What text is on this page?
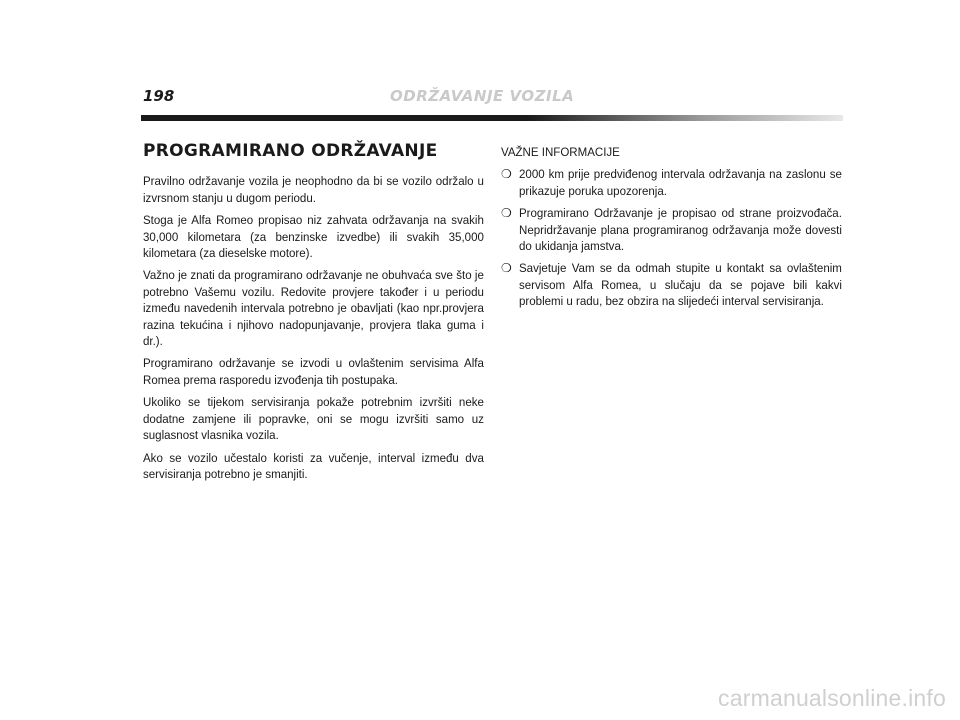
198	ODRŽAVANJE VOZILA
PROGRAMIRANO ODRŽAVANJE

Pravilno održavanje vozila je neophodno da bi se vozilo održalo u izvrsnom stanju u dugom periodu.

Stoga je Alfa Romeo propisao niz zahvata održavanja na svakih 30,000 kilometara (za benzinske izvedbe) ili svakih 35,000 kilometara (za dieselske motore).

Važno je znati da programirano održavanje ne obuhvaća sve što je potrebno Vašemu vozilu. Redovite provjere također i u periodu između navedenih intervala potrebno je obavljati (kao npr.provjera razina tekućina i njihovo nadopunjavanje, provjera tlaka guma i dr.).

Programirano održavanje se izvodi u ovlaštenim servisima Alfa Romea prema rasporedu izvođenja tih postupaka.

Ukoliko se tijekom servisiranja pokaže potrebnim izvršiti neke dodatne zamjene ili popravke, oni se mogu izvršiti samo uz suglasnost vlasnika vozila.

Ako se vozilo učestalo koristi za vučenje, interval između dva servisiranja potrebno je smanjiti.

VAŽNE INFORMACIJE
❍ 2000 km prije predviđenog intervala održavanja na zaslonu se prikazuje poruka upozorenja.
❍ Programirano Održavanje je propisao od strane proizvođača. Nepridržavanje plana programiranog održavanja može dovesti do ukidanja jamstva.
❍ Savjetuje Vam se da odmah stupite u kontakt sa ovlaštenim servisom Alfa Romea, u slučaju da se pojave bili kakvi problemi u radu, bez obzira na slijedeći interval servisiranja.
carmanualsonline.info
